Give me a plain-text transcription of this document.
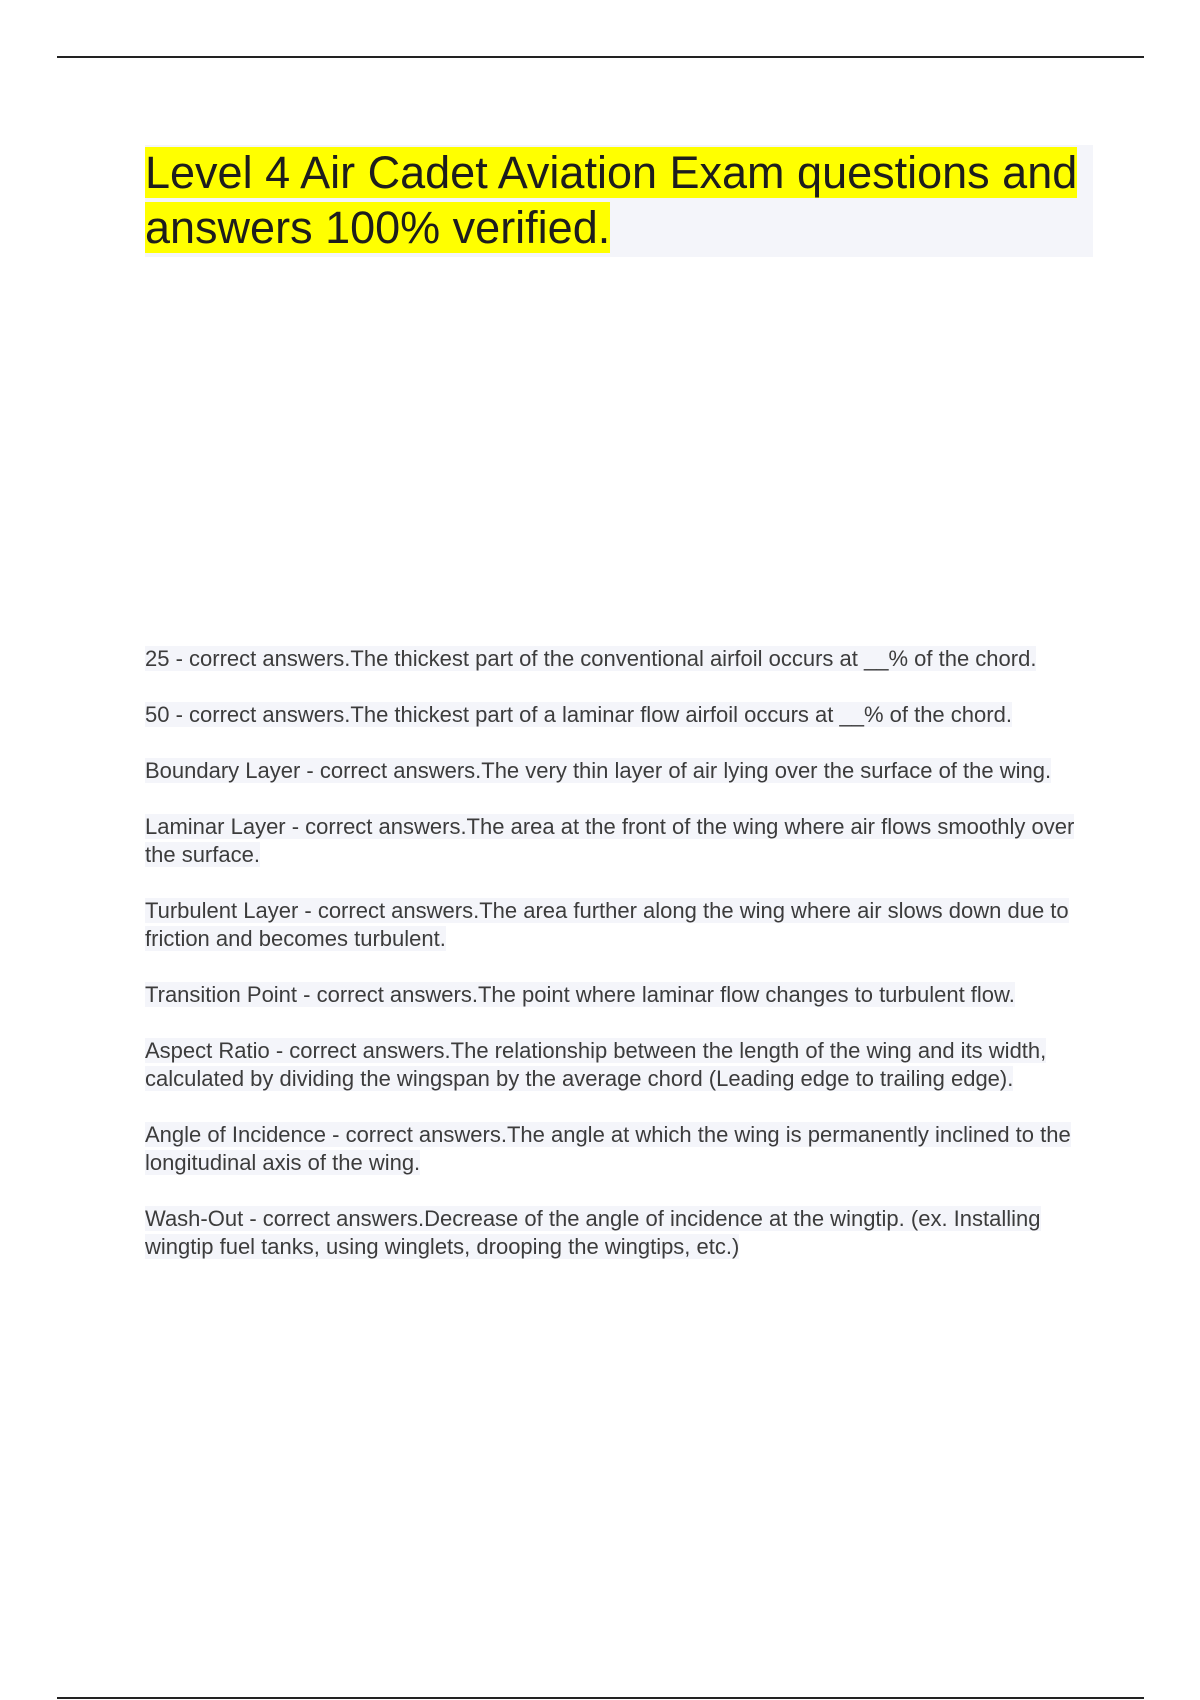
Level 4 Air Cadet Aviation Exam questions and answers 100% verified.

25 - correct answers.The thickest part of the conventional airfoil occurs at __% of the chord.

50 - correct answers.The thickest part of a laminar flow airfoil occurs at __% of the chord.

Boundary Layer - correct answers.The very thin layer of air lying over the surface of the wing.

Laminar Layer - correct answers.The area at the front of the wing where air flows smoothly over the surface.

Turbulent Layer - correct answers.The area further along the wing where air slows down due to friction and becomes turbulent.

Transition Point - correct answers.The point where laminar flow changes to turbulent flow.

Aspect Ratio - correct answers.The relationship between the length of the wing and its width, calculated by dividing the wingspan by the average chord (Leading edge to trailing edge).

Angle of Incidence - correct answers.The angle at which the wing is permanently inclined to the longitudinal axis of the wing.

Wash-Out - correct answers.Decrease of the angle of incidence at the wingtip. (ex. Installing wingtip fuel tanks, using winglets, drooping the wingtips, etc.)
